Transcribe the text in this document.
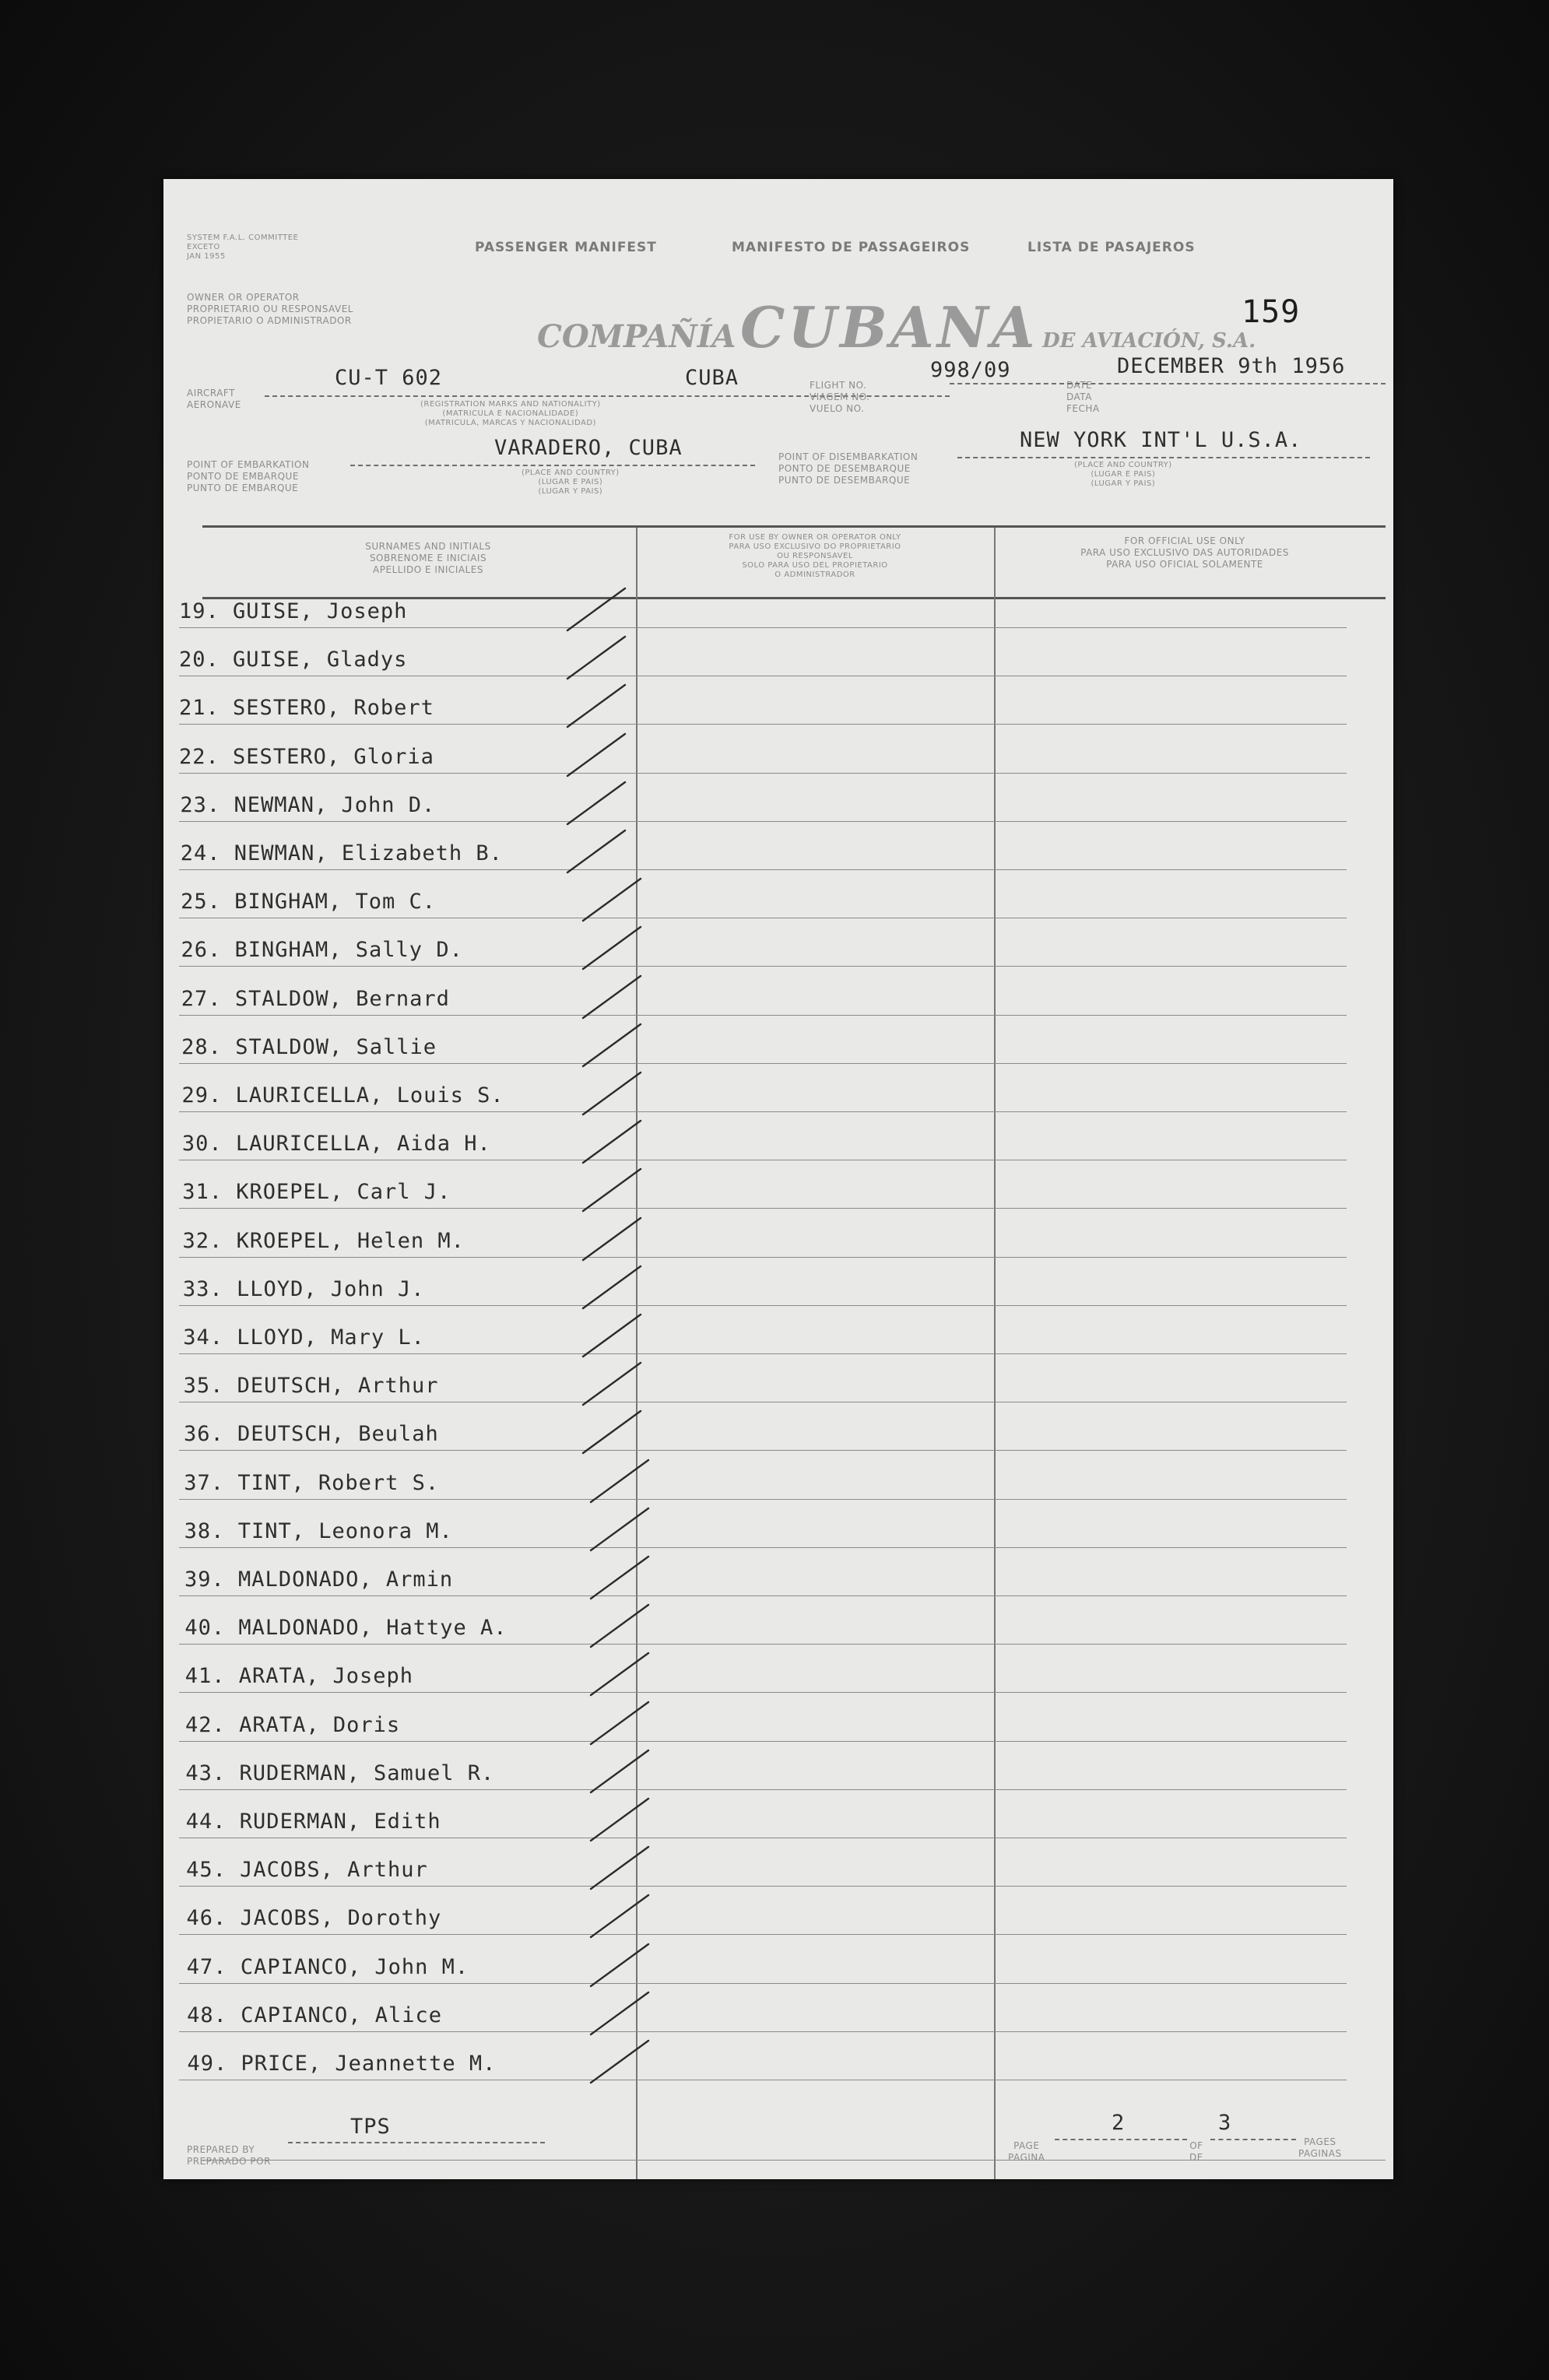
SYSTEM F.A.L. COMMITTEE
EXCETO
JAN 1955
PASSENGER MANIFEST	MANIFESTO DE PASSAGEIROS	LISTA DE PASAJEROS
OWNER OR OPERATOR
PROPRIETARIO OU RESPONSAVEL
PROPIETARIO O ADMINISTRADOR	COMPAÑÍA CUBANA DE AVIACIÓN, S.A.
159
AIRCRAFT
AERONAVE
CU-T 602
(REGISTRATION MARKS AND NATIONALITY)
(MATRICULA E NACIONALIDADE)
(MATRICULA, MARCAS Y NACIONALIDAD)
CUBA	FLIGHT NO.
VIAGEM NO.
VUELO NO.
998/09
DATE
DATA
FECHA
DECEMBER 9th 1956
POINT OF EMBARKATION
PONTO DE EMBARQUE
PUNTO DE EMBARQUE
VARADERO, CUBA
(PLACE AND COUNTRY)
(LUGAR E PAIS)
(LUGAR Y PAIS)
POINT OF DISEMBARKATION
PONTO DE DESEMBARQUE
PUNTO DE DESEMBARQUE
NEW YORK INT'L U.S.A.
(PLACE AND COUNTRY)
(LUGAR E PAIS)
(LUGAR Y PAIS)
SURNAMES AND INITIALS
SOBRENOME E INICIAIS
APELLIDO E INICIALES
FOR USE BY OWNER OR OPERATOR ONLY
PARA USO EXCLUSIVO DO PROPRIETARIO
OU RESPONSAVEL
SOLO PARA USO DEL PROPIETARIO
O ADMINISTRADOR
FOR OFFICIAL USE ONLY
PARA USO EXCLUSIVO DAS AUTORIDADES
PARA USO OFICIAL SOLAMENTE
19. GUISE, Joseph
20. GUISE, Gladys
21. SESTERO, Robert
22. SESTERO, Gloria
23. NEWMAN, John D.
24. NEWMAN, Elizabeth B.
25. BINGHAM, Tom C.
26. BINGHAM, Sally D.
27. STALDOW, Bernard
28. STALDOW, Sallie
29. LAURICELLA, Louis S.
30. LAURICELLA, Aida H.
31. KROEPEL, Carl J.
32. KROEPEL, Helen M.
33. LLOYD, John J.
34. LLOYD, Mary L.
35. DEUTSCH, Arthur
36. DEUTSCH, Beulah
37. TINT, Robert S.
38. TINT, Leonora M.
39. MALDONADO, Armin
40. MALDONADO, Hattye A.
41. ARATA, Joseph
42. ARATA, Doris
43. RUDERMAN, Samuel R.
44. RUDERMAN, Edith
45. JACOBS, Arthur
46. JACOBS, Dorothy
47. CAPIANCO, John M.
48. CAPIANCO, Alice
49. PRICE, Jeannette M.
PREPARED BY
PREPARADO POR
TPS
PAGE
PAGINA
2
OF
DE
3
PAGES
PAGINAS
